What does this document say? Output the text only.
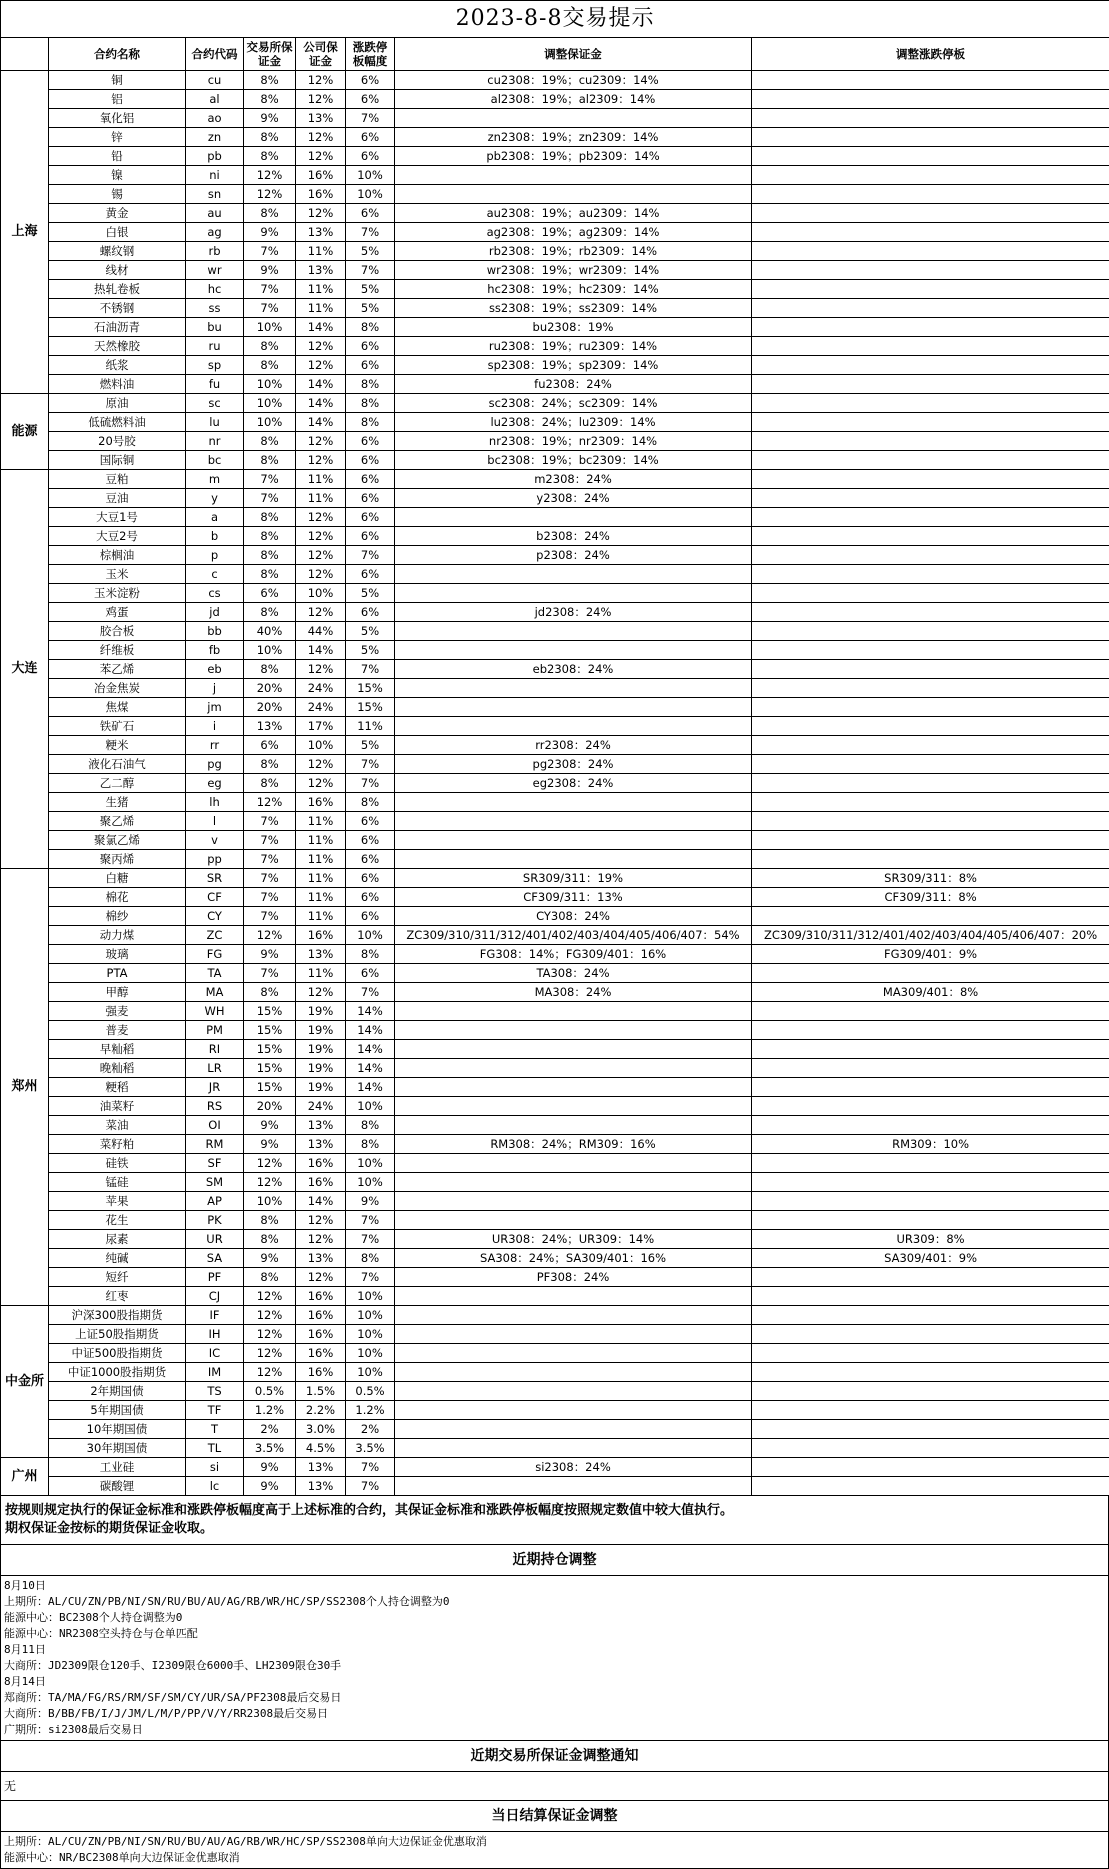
2023-8-8交易提示							
	合约名称	合约代码	交易所保证金	公司保证金	涨跌停板幅度	调整保证金	调整涨跌停板
上海	铜	cu	8%	12%	6%	cu2308：19%；cu2309：14%	
	铝	al	8%	12%	6%	al2308：19%；al2309：14%	
	氧化铝	ao	9%	13%	7%		
	锌	zn	8%	12%	6%	zn2308：19%；zn2309：14%	
	铅	pb	8%	12%	6%	pb2308：19%；pb2309：14%	
	镍	ni	12%	16%	10%		
	锡	sn	12%	16%	10%		
	黄金	au	8%	12%	6%	au2308：19%；au2309：14%	
	白银	ag	9%	13%	7%	ag2308：19%；ag2309：14%	
	螺纹钢	rb	7%	11%	5%	rb2308：19%；rb2309：14%	
	线材	wr	9%	13%	7%	wr2308：19%；wr2309：14%	
	热轧卷板	hc	7%	11%	5%	hc2308：19%；hc2309：14%	
	不锈钢	ss	7%	11%	5%	ss2308：19%；ss2309：14%	
	石油沥青	bu	10%	14%	8%	bu2308：19%	
	天然橡胶	ru	8%	12%	6%	ru2308：19%；ru2309：14%	
	纸浆	sp	8%	12%	6%	sp2308：19%；sp2309：14%	
	燃料油	fu	10%	14%	8%	fu2308：24%	
能源	原油	sc	10%	14%	8%	sc2308：24%；sc2309：14%	
	低硫燃料油	lu	10%	14%	8%	lu2308：24%；lu2309：14%	
	20号胶	nr	8%	12%	6%	nr2308：19%；nr2309：14%	
	国际铜	bc	8%	12%	6%	bc2308：19%；bc2309：14%	
大连	豆粕	m	7%	11%	6%	m2308：24%	
	豆油	y	7%	11%	6%	y2308：24%	
	大豆1号	a	8%	12%	6%		
	大豆2号	b	8%	12%	6%	b2308：24%	
	棕榈油	p	8%	12%	7%	p2308：24%	
	玉米	c	8%	12%	6%		
	玉米淀粉	cs	6%	10%	5%		
	鸡蛋	jd	8%	12%	6%	jd2308：24%	
	胶合板	bb	40%	44%	5%		
	纤维板	fb	10%	14%	5%		
	苯乙烯	eb	8%	12%	7%	eb2308：24%	
	冶金焦炭	j	20%	24%	15%		
	焦煤	jm	20%	24%	15%		
	铁矿石	i	13%	17%	11%		
	粳米	rr	6%	10%	5%	rr2308：24%	
	液化石油气	pg	8%	12%	7%	pg2308：24%	
	乙二醇	eg	8%	12%	7%	eg2308：24%	
	生猪	lh	12%	16%	8%		
	聚乙烯	l	7%	11%	6%		
	聚氯乙烯	v	7%	11%	6%		
	聚丙烯	pp	7%	11%	6%		
郑州	白糖	SR	7%	11%	6%	SR309/311：19%	SR309/311：8%
	棉花	CF	7%	11%	6%	CF309/311：13%	CF309/311：8%
	棉纱	CY	7%	11%	6%	CY308：24%	
	动力煤	ZC	12%	16%	10%	ZC309/310/311/312/401/402/403/404/405/406/407：54%	ZC309/310/311/312/401/402/403/404/405/406/407：20%
	玻璃	FG	9%	13%	8%	FG308：14%；FG309/401：16%	FG309/401：9%
	PTA	TA	7%	11%	6%	TA308：24%	
	甲醇	MA	8%	12%	7%	MA308：24%	MA309/401：8%
	强麦	WH	15%	19%	14%		
	普麦	PM	15%	19%	14%		
	早籼稻	RI	15%	19%	14%		
	晚籼稻	LR	15%	19%	14%		
	粳稻	JR	15%	19%	14%		
	油菜籽	RS	20%	24%	10%		
	菜油	OI	9%	13%	8%		
	菜籽粕	RM	9%	13%	8%	RM308：24%；RM309：16%	RM309：10%
	硅铁	SF	12%	16%	10%		
	锰硅	SM	12%	16%	10%		
	苹果	AP	10%	14%	9%		
	花生	PK	8%	12%	7%		
	尿素	UR	8%	12%	7%	UR308：24%；UR309：14%	UR309：8%
	纯碱	SA	9%	13%	8%	SA308：24%；SA309/401：16%	SA309/401：9%
	短纤	PF	8%	12%	7%	PF308：24%	
	红枣	CJ	12%	16%	10%		
中金所	沪深300股指期货	IF	12%	16%	10%		
	上证50股指期货	IH	12%	16%	10%		
	中证500股指期货	IC	12%	16%	10%		
	中证1000股指期货	IM	12%	16%	10%		
	2年期国债	TS	0.5%	1.5%	0.5%		
	5年期国债	TF	1.2%	2.2%	1.2%		
	10年期国债	T	2%	3.0%	2%		
	30年期国债	TL	3.5%	4.5%	3.5%		
广州	工业硅	si	9%	13%	7%	si2308：24%	
	碳酸锂	lc	9%	13%	7%		
按规则规定执行的保证金标准和涨跌停板幅度高于上述标准的合约，其保证金标准和涨跌停板幅度按照规定数值中较大值执行。
期权保证金按标的期货保证金收取。
近期持仓调整
8月10日
上期所：AL/CU/ZN/PB/NI/SN/RU/BU/AU/AG/RB/WR/HC/SP/SS2308个人持仓调整为0
能源中心：BC2308个人持仓调整为0
能源中心：NR2308空头持仓与仓单匹配
8月11日
大商所：JD2309限仓120手、I2309限仓6000手、LH2309限仓30手
8月14日
郑商所：TA/MA/FG/RS/RM/SF/SM/CY/UR/SA/PF2308最后交易日
大商所：B/BB/FB/I/J/JM/L/M/P/PP/V/Y/RR2308最后交易日
广期所：si2308最后交易日
近期交易所保证金调整通知
无
当日结算保证金调整
上期所：AL/CU/ZN/PB/NI/SN/RU/BU/AU/AG/RB/WR/HC/SP/SS2308单向大边保证金优惠取消
能源中心：NR/BC2308单向大边保证金优惠取消
